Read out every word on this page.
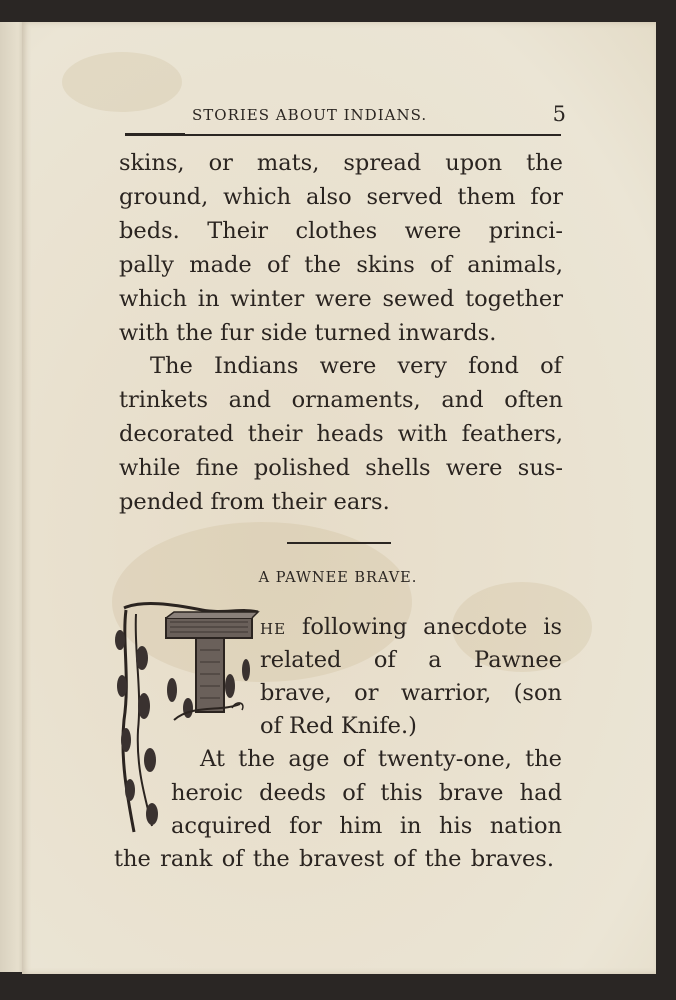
STORIES ABOUT INDIANS.	5
skins, or mats, spread upon the
ground, which also served them for
beds. Their clothes were princi-
pally made of the skins of animals,
which in winter were sewed together
with the fur side turned inwards.
The Indians were very fond of
trinkets and ornaments, and often
decorated their heads with feathers,
while fine polished shells were sus-
pended from their ears.
A PAWNEE BRAVE.
HE following anecdote is
related of a Pawnee
brave, or warrior, (son
of Red Knife.)
At the age of twenty-one, the
heroic deeds of this brave had
acquired for him in his nation
the rank of the bravest of the braves.
